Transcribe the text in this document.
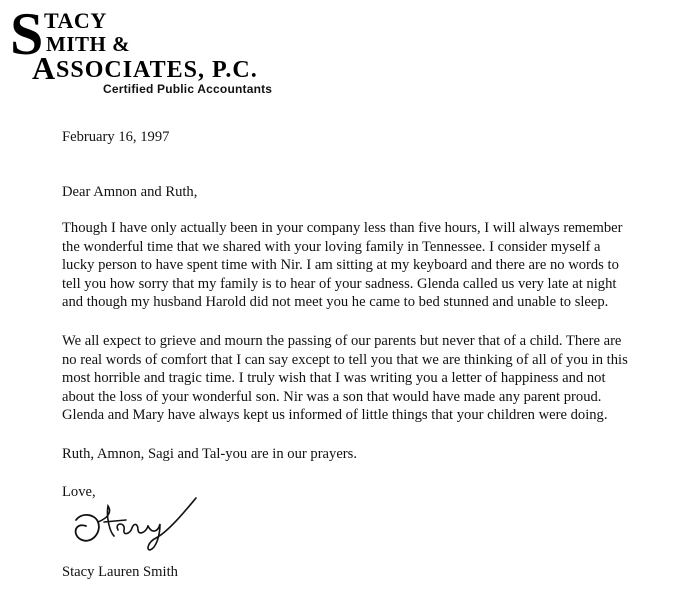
S TACY
MITH &
A SSOCIATES, P.C.
Certified Public Accountants
February 16, 1997
Dear Amnon and Ruth,
Though I have only actually been in your company less than five hours, I will always remember
the wonderful time that we shared with your loving family in Tennessee. I consider myself a
lucky person to have spent time with Nir. I am sitting at my keyboard and there are no words to
tell you how sorry that my family is to hear of your sadness. Glenda called us very late at night
and though my husband Harold did not meet you he came to bed stunned and unable to sleep.
We all expect to grieve and mourn the passing of our parents but never that of a child. There are
no real words of comfort that I can say except to tell you that we are thinking of all of you in this
most horrible and tragic time. I truly wish that I was writing you a letter of happiness and not
about the loss of your wonderful son. Nir was a son that would have made any parent proud.
Glenda and Mary have always kept us informed of little things that your children were doing.
Ruth, Amnon, Sagi and Tal-you are in our prayers.
Love,
Stacy Lauren Smith
